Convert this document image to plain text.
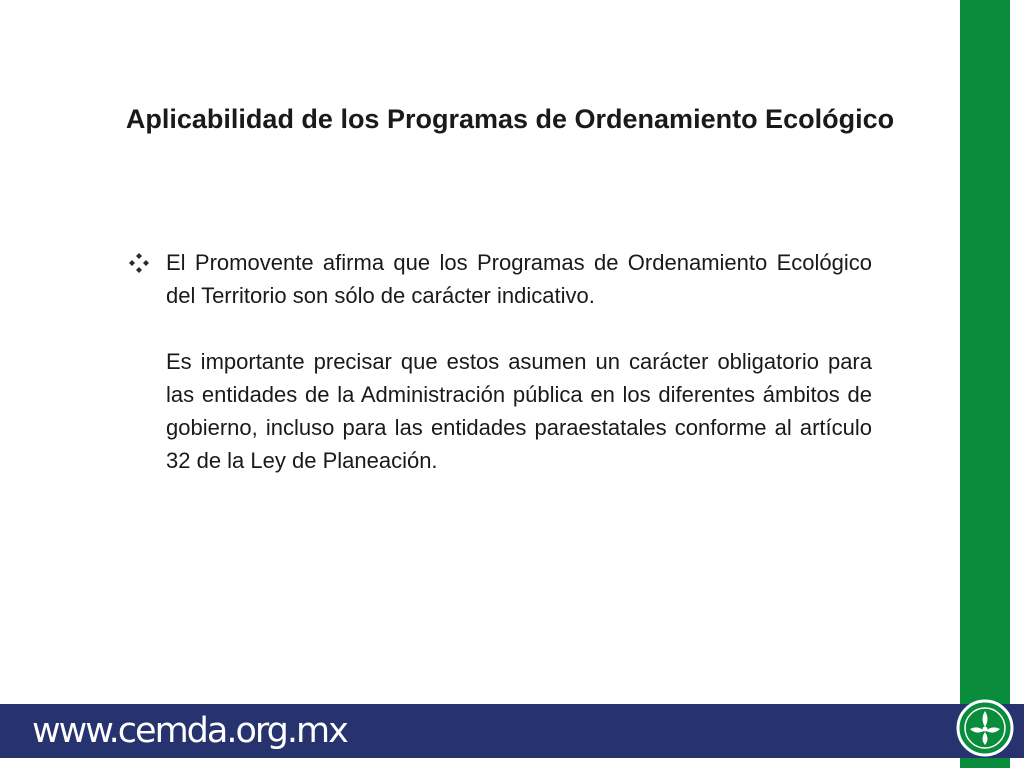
Aplicabilidad de los Programas de Ordenamiento Ecológico

El Promovente afirma que los Programas de Ordenamiento Ecológico del Territorio son sólo de carácter indicativo.

Es importante precisar que estos asumen un carácter obligatorio para las entidades de la Administración pública en los diferentes ámbitos de gobierno, incluso para las entidades paraestatales conforme al artículo 32 de la Ley de Planeación.

www.cemda.org.mx
